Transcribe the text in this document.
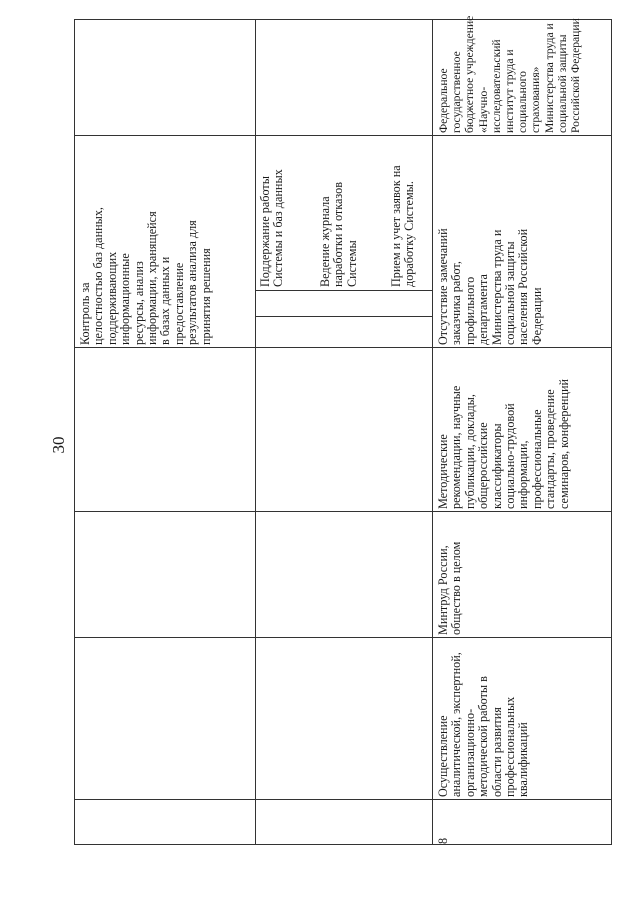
30
Контроль за целостностью баз данных, поддерживающих информационные ресурсы, анализ информации, хранящейся в базах данных и предоставление результатов анализа для принятия решения
Поддержание работы Системы и баз данных	Ведение журнала наработки и отказов Системы Прием и учет заявок на доработку Системы.
Федеральное государственное бюджетное учреждение «Научно- исследовательский институт труда и социального страхования» Министерства труда и социальной защиты Российской Федерации
Отсутствие замечаний заказчика работ, профильного департамента Министерства труда и социальной защиты населения Российской Федерации
Методические рекомендации, научные публикации, доклады, общероссийские классификаторы социально-трудовой информации, профессиональные стандарты, проведение семинаров, конференций
Минтруд России, общество в целом
Осуществление аналитической, экспертной, организационно- методической работы в области развития профессиональных квалификаций
8
